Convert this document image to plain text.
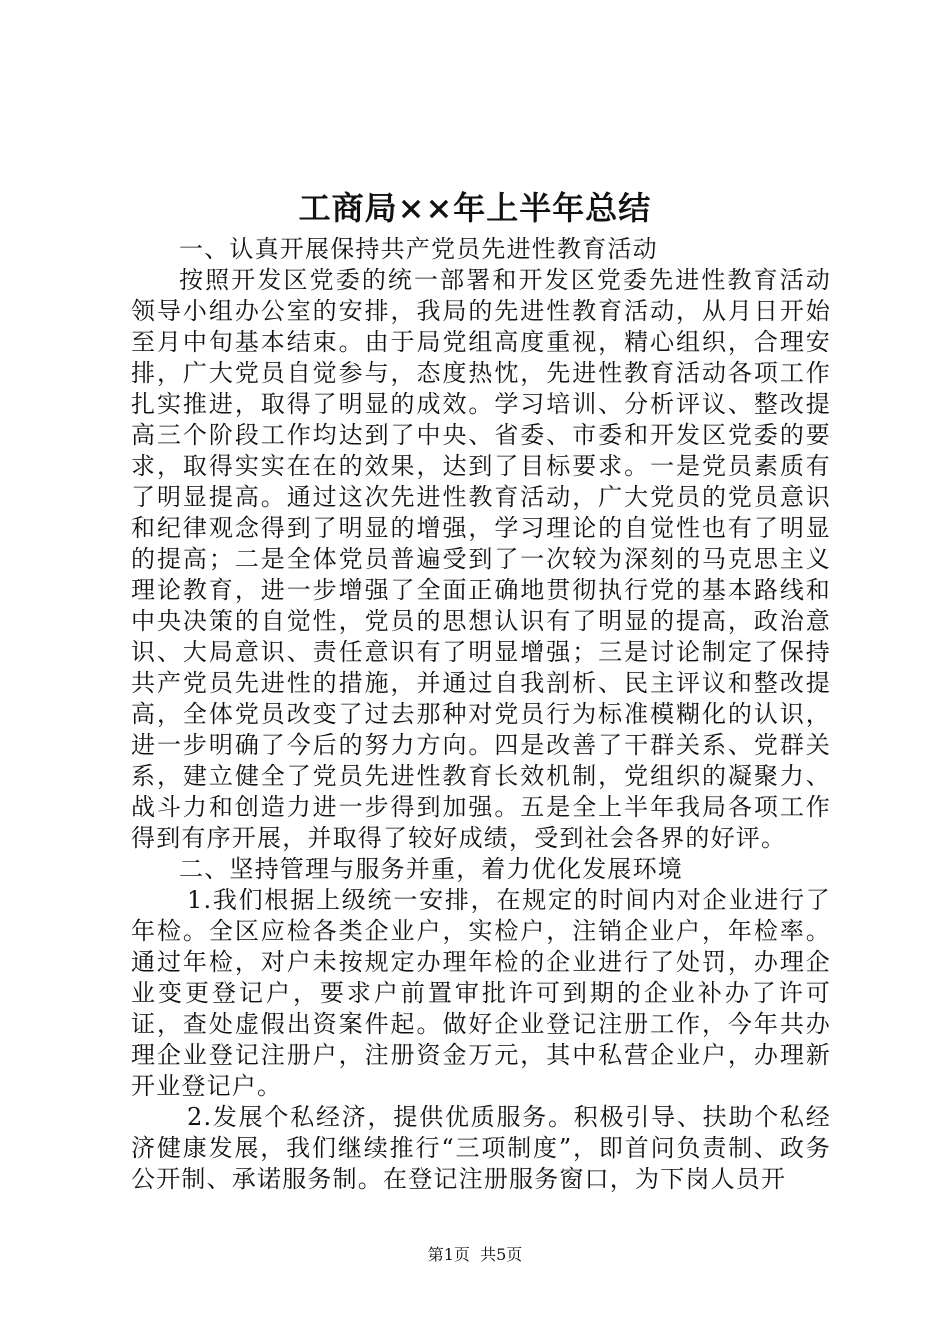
工商局××年上半年总结

一、认真开展保持共产党员先进性教育活动

按照开发区党委的统一部署和开发区党委先进性教育活动领导小组办公室的安排，我局的先进性教育活动，从月日开始至月中旬基本结束。由于局党组高度重视，精心组织，合理安排，广大党员自觉参与，态度热忱，先进性教育活动各项工作扎实推进，取得了明显的成效。学习培训、分析评议、整改提高三个阶段工作均达到了中央、省委、市委和开发区党委的要求，取得实实在在的效果，达到了目标要求。一是党员素质有了明显提高。通过这次先进性教育活动，广大党员的党员意识和纪律观念得到了明显的增强，学习理论的自觉性也有了明显的提高；二是全体党员普遍受到了一次较为深刻的马克思主义理论教育，进一步增强了全面正确地贯彻执行党的基本路线和中央决策的自觉性，党员的思想认识有了明显的提高，政治意识、大局意识、责任意识有了明显增强；三是讨论制定了保持共产党员先进性的措施，并通过自我剖析、民主评议和整改提高，全体党员改变了过去那种对党员行为标准模糊化的认识，进一步明确了今后的努力方向。四是改善了干群关系、党群关系，建立健全了党员先进性教育长效机制，党组织的凝聚力、战斗力和创造力进一步得到加强。五是全上半年我局各项工作得到有序开展，并取得了较好成绩，受到社会各界的好评。

二、坚持管理与服务并重，着力优化发展环境

1.我们根据上级统一安排，在规定的时间内对企业进行了年检。全区应检各类企业户，实检户，注销企业户，年检率。通过年检，对户未按规定办理年检的企业进行了处罚，办理企业变更登记户，要求户前置审批许可到期的企业补办了许可证，查处虚假出资案件起。做好企业登记注册工作，今年共办理企业登记注册户，注册资金万元，其中私营企业户，办理新开业登记户。

2.发展个私经济，提供优质服务。积极引导、扶助个私经济健康发展，我们继续推行“三项制度”，即首问负责制、政务公开制、承诺服务制。在登记注册服务窗口，为下岗人员开

第1页 共5页
